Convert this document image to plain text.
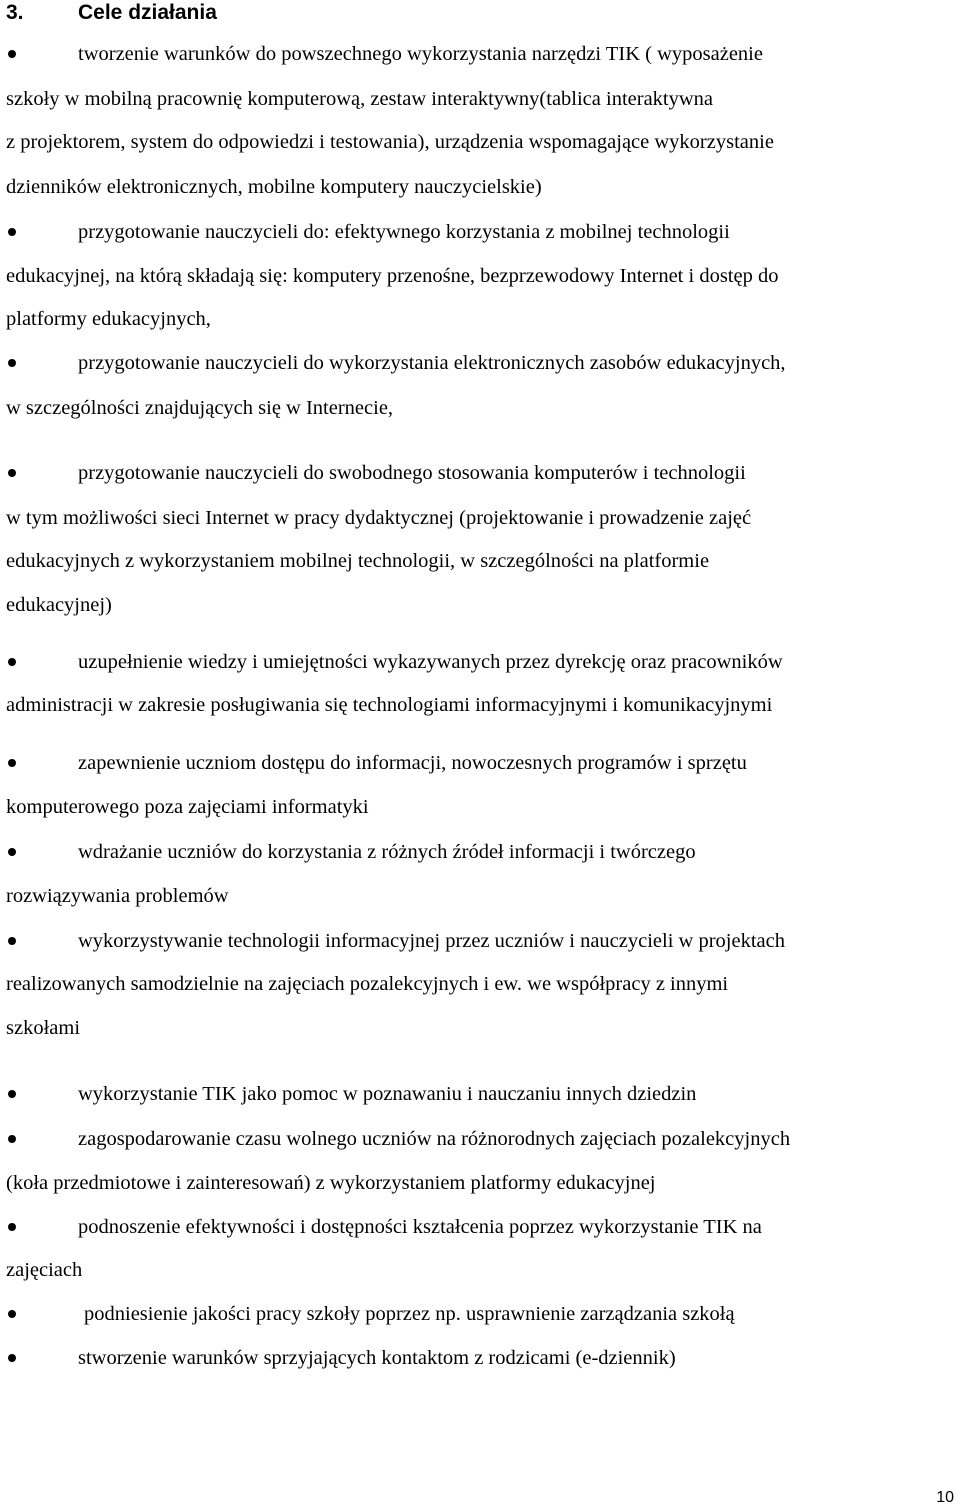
3.	Cele działania
tworzenie warunków do powszechnego wykorzystania narzędzi TIK ( wyposażenie
szkoły w mobilną pracownię komputerową, zestaw interaktywny(tablica interaktywna
z projektorem, system do odpowiedzi i testowania), urządzenia wspomagające wykorzystanie
dzienników elektronicznych, mobilne komputery nauczycielskie)
przygotowanie nauczycieli do: efektywnego korzystania z mobilnej technologii
edukacyjnej, na którą składają się: komputery przenośne, bezprzewodowy Internet i dostęp do
platformy edukacyjnych,
przygotowanie nauczycieli do wykorzystania elektronicznych zasobów edukacyjnych,
w szczególności znajdujących się w Internecie,
przygotowanie nauczycieli do swobodnego stosowania komputerów i technologii
w tym możliwości sieci Internet w pracy dydaktycznej (projektowanie i prowadzenie zajęć
edukacyjnych z wykorzystaniem mobilnej technologii, w szczególności na platformie
edukacyjnej)
uzupełnienie wiedzy i umiejętności wykazywanych przez dyrekcję oraz pracowników
administracji w zakresie posługiwania się technologiami informacyjnymi i komunikacyjnymi
zapewnienie uczniom dostępu do informacji, nowoczesnych programów i sprzętu
komputerowego poza zajęciami informatyki
wdrażanie uczniów do korzystania z różnych źródeł informacji i twórczego
rozwiązywania problemów
wykorzystywanie technologii informacyjnej przez uczniów i nauczycieli w projektach
realizowanych samodzielnie na zajęciach pozalekcyjnych i ew. we współpracy z innymi
szkołami
wykorzystanie TIK jako pomoc w poznawaniu i nauczaniu innych dziedzin
zagospodarowanie czasu wolnego uczniów na różnorodnych zajęciach pozalekcyjnych
(koła przedmiotowe i zainteresowań) z wykorzystaniem platformy edukacyjnej
podnoszenie efektywności i dostępności kształcenia poprzez wykorzystanie TIK na
zajęciach
podniesienie jakości pracy szkoły poprzez np. usprawnienie zarządzania szkołą
stworzenie warunków sprzyjających kontaktom z rodzicami (e-dziennik)
10
